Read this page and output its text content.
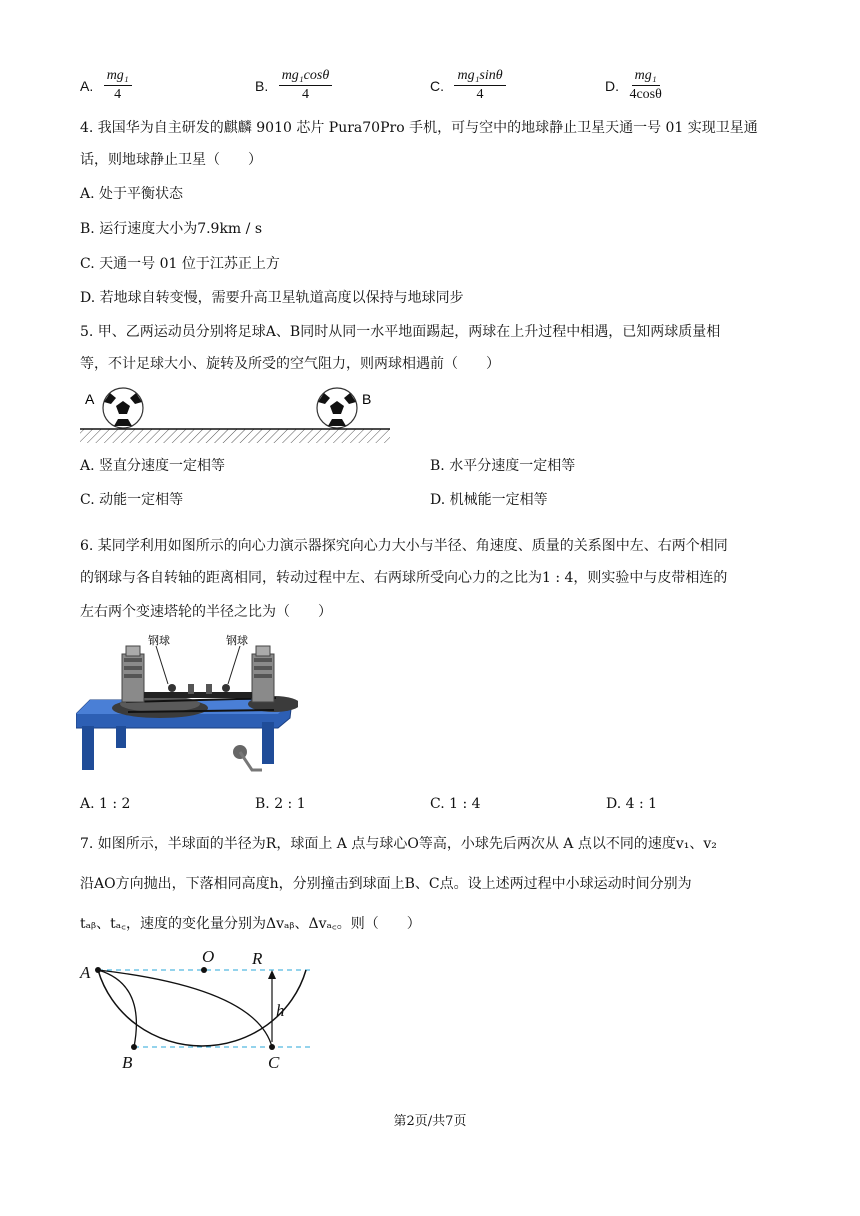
A. $\frac{\text{mg₁}}{4}$	B. $\frac{\text{mg₁cosθ}}{4}$	C. $\frac{\text{mg₁sinθ}}{4}$	D. $\frac{\text{mg₁}}{4\cos\theta}$
4. 我国华为自主研发的麒麟 9010 芯片 Pura70Pro 手机，可与空中的地球静止卫星天通一号 01 实现卫星通
话，则地球静止卫星（　　）
A. 处于平衡状态
B. 运行速度大小为7.9km / s
C. 天通一号 01 位于江苏正上方
D. 若地球自转变慢，需要升高卫星轨道高度以保持与地球同步
5. 甲、乙两运动员分别将足球A、B同时从同一水平地面踢起，两球在上升过程中相遇，已知两球质量相
等，不计足球大小、旋转及所受的空气阻力，则两球相遇前（　　）
A	B
A. 竖直分速度一定相等	B. 水平分速度一定相等
C. 动能一定相等	D. 机械能一定相等
6. 某同学利用如图所示的向心力演示器探究向心力大小与半径、角速度、质量的关系图中左、右两个相同
的钢球与各自转轴的距离相同，转动过程中左、右两球所受向心力的之比为1 : 4，则实验中与皮带相连的
左右两个变速塔轮的半径之比为（　　）
钢球	钢球
A. 1 : 2	B. 2 : 1	C. 1 : 4	D. 4 : 1
7. 如图所示，半球面的半径为R，球面上 A 点与球心O等高，小球先后两次从 A 点以不同的速度v₁、v₂
沿AO方向抛出，下落相同高度h，分别撞击到球面上B、C点。设上述两过程中小球运动时间分别为
tₐᵦ、tₐ꜀，速度的变化量分别为Δvₐᵦ、Δvₐ꜀。则（　　）
A
O R
h
B	C
第2页/共7页
